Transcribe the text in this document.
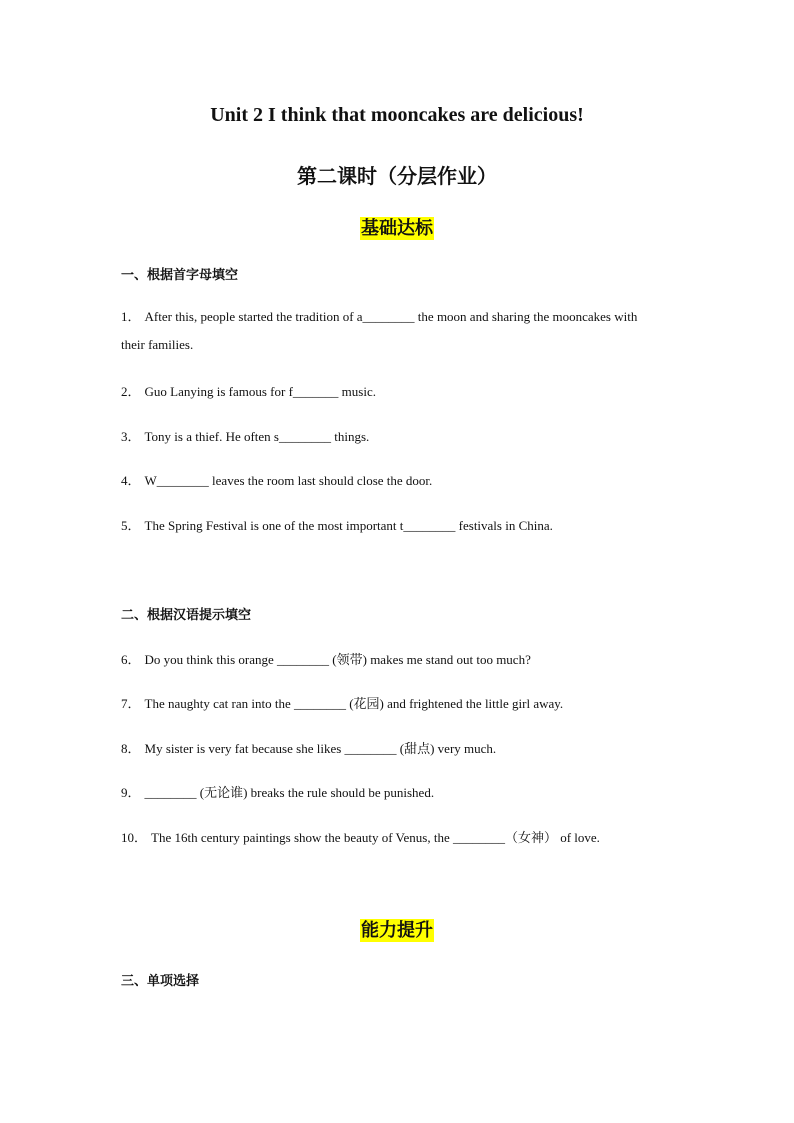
Unit 2 I think that mooncakes are delicious!
第二课时（分层作业）
基础达标
一、根据首字母填空
1． After this, people started the tradition of a________ the moon and sharing the mooncakes with
their families.
2． Guo Lanying is famous for f_______ music.
3． Tony is a thief. He often s________ things.
4． W________ leaves the room last should close the door.
5． The Spring Festival is one of the most important t________ festivals in China.
二、根据汉语提示填空
6． Do you think this orange ________ (领带) makes me stand out too much?
7． The naughty cat ran into the ________ (花园) and frightened the little girl away.
8． My sister is very fat because she likes ________ (甜点) very much.
9． ________ (无论谁) breaks the rule should be punished.
10． The 16th century paintings show the beauty of Venus, the ________（女神） of love.
能力提升
三、单项选择
